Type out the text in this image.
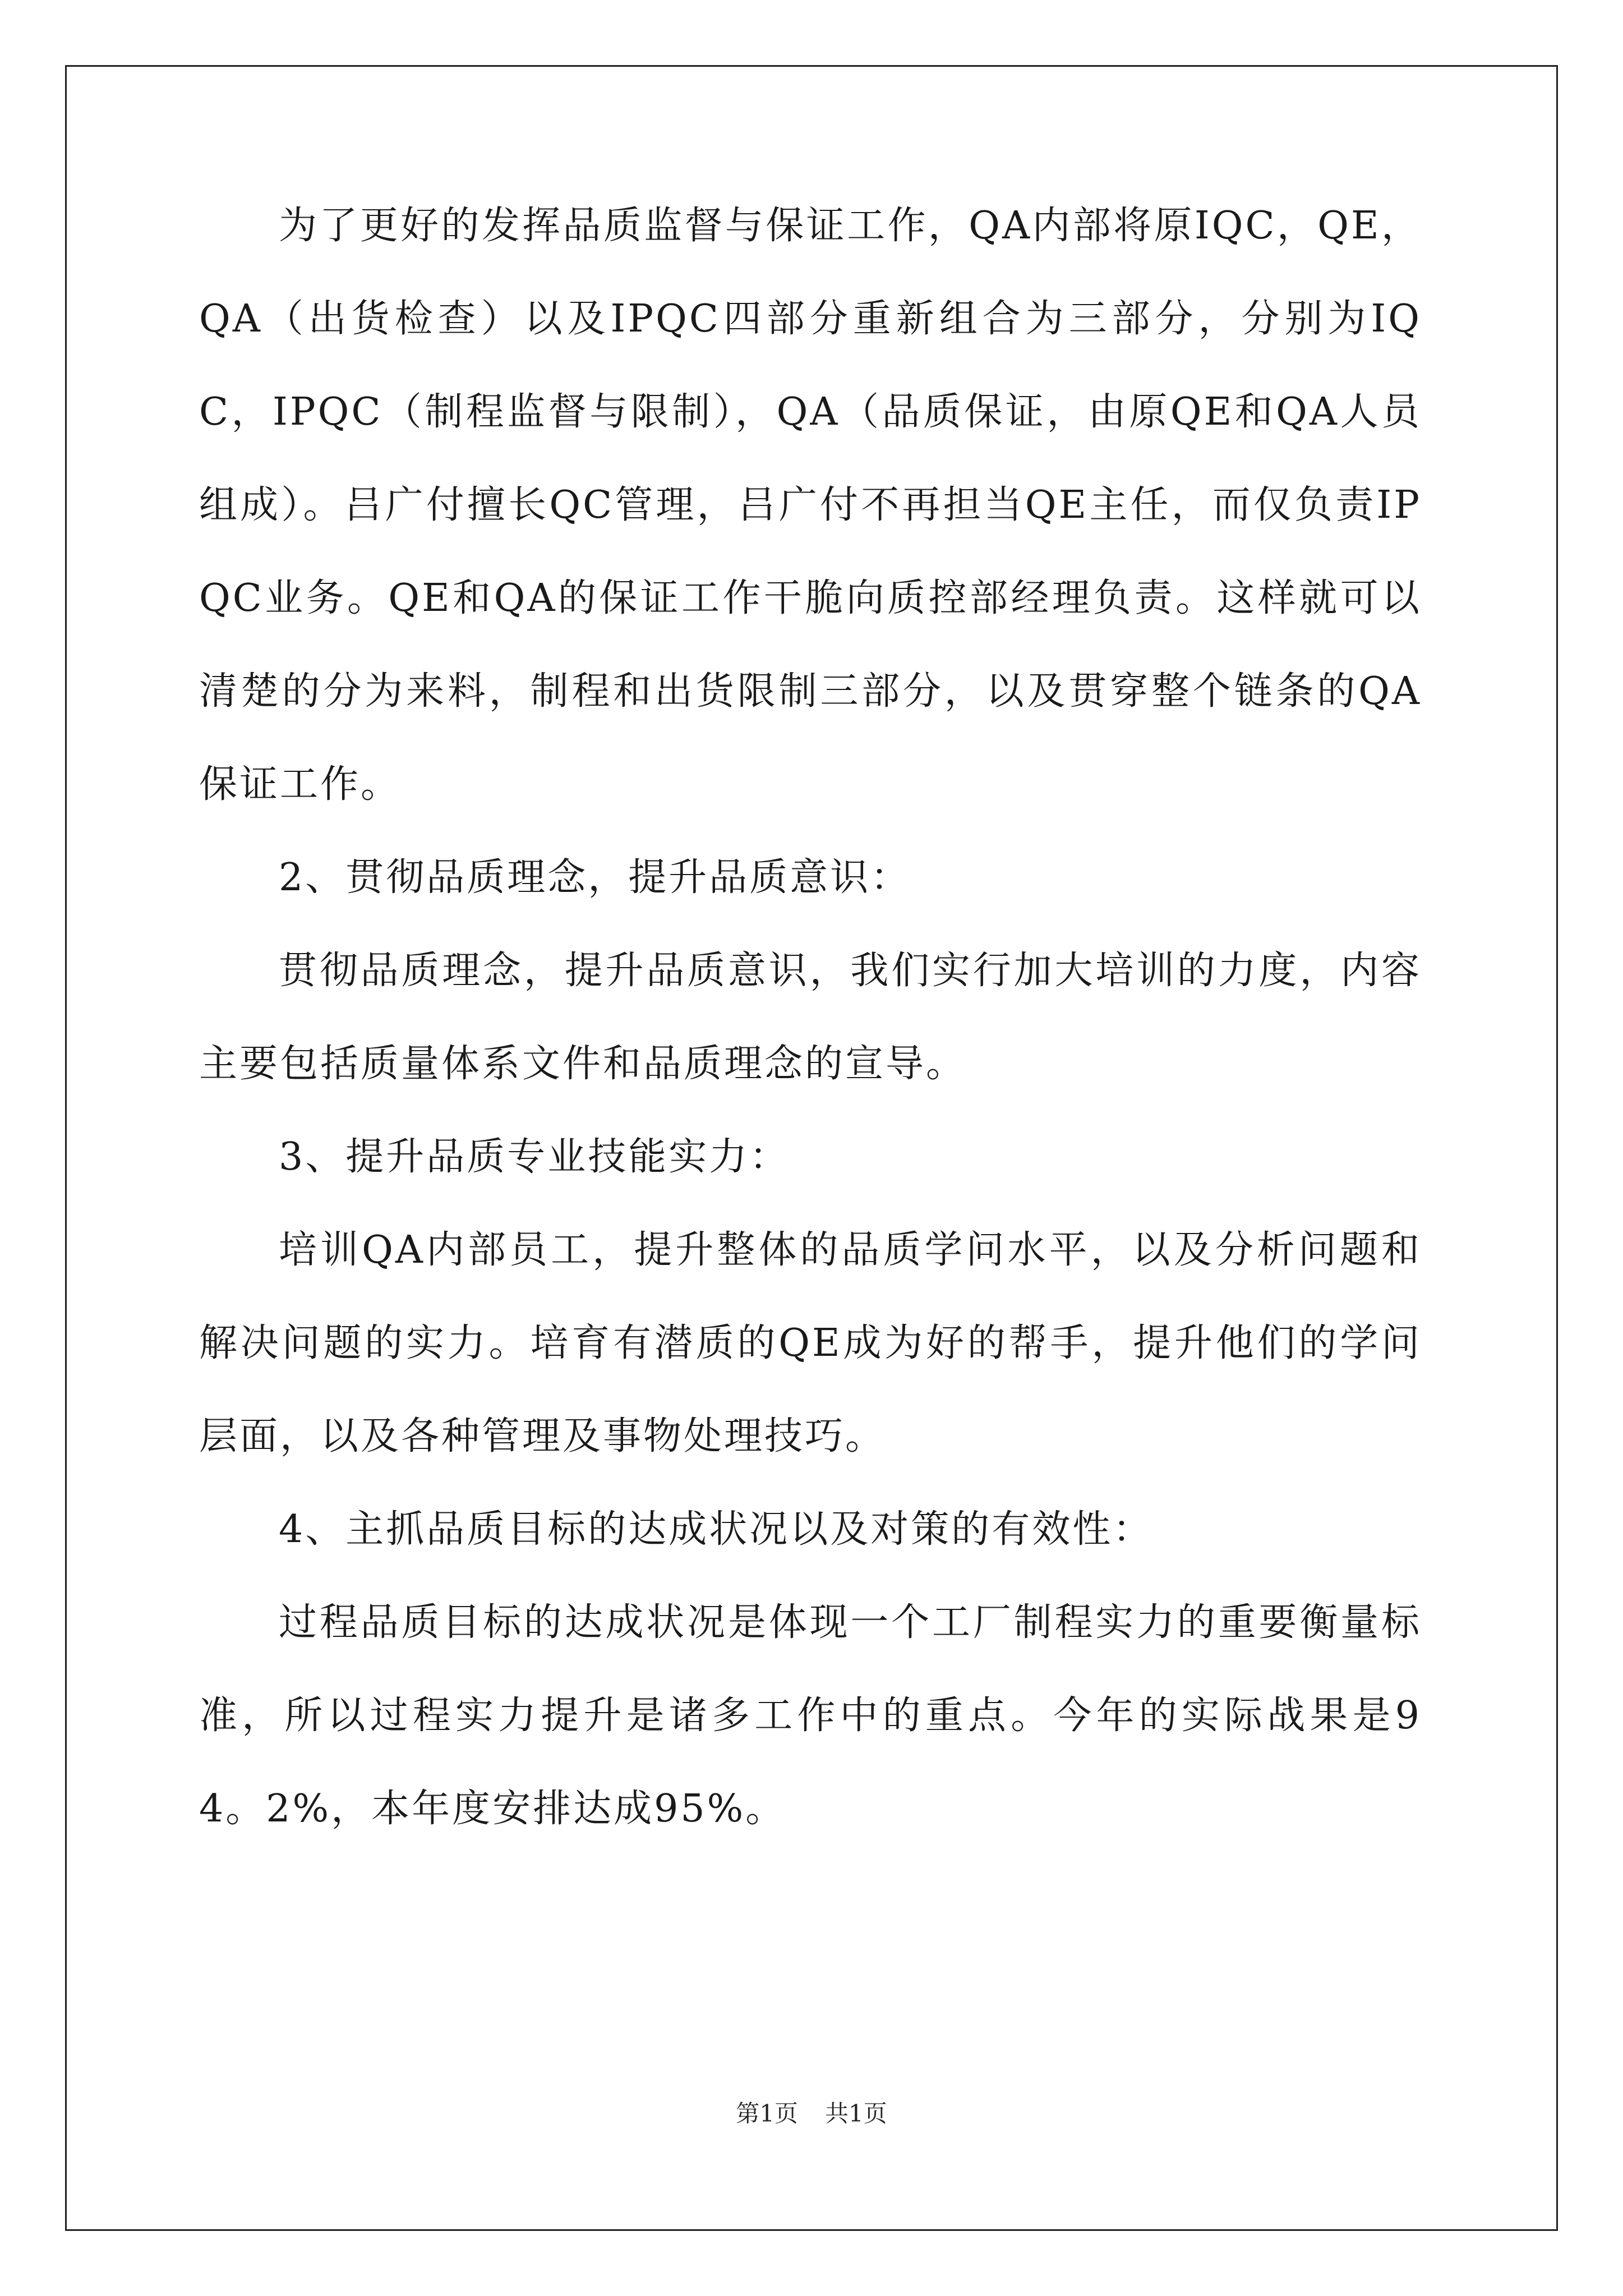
为了更好的发挥品质监督与保证工作，QA内部将原IQC，QE，QA（出货检查）以及IPQC四部分重新组合为三部分，分别为IQC，IPQC（制程监督与限制），QA（品质保证，由原QE和QA人员组成）。吕广付擅长QC管理，吕广付不再担当QE主任，而仅负责IPQC业务。QE和QA的保证工作干脆向质控部经理负责。这样就可以清楚的分为来料，制程和出货限制三部分，以及贯穿整个链条的QA保证工作。

2、贯彻品质理念，提升品质意识：

贯彻品质理念，提升品质意识，我们实行加大培训的力度，内容主要包括质量体系文件和品质理念的宣导。

3、提升品质专业技能实力：

培训QA内部员工，提升整体的品质学问水平，以及分析问题和解决问题的实力。培育有潜质的QE成为好的帮手，提升他们的学问层面，以及各种管理及事物处理技巧。

4、主抓品质目标的达成状况以及对策的有效性：

过程品质目标的达成状况是体现一个工厂制程实力的重要衡量标准，所以过程实力提升是诸多工作中的重点。今年的实际战果是94。2%，本年度安排达成95%。

第1页 共1页
